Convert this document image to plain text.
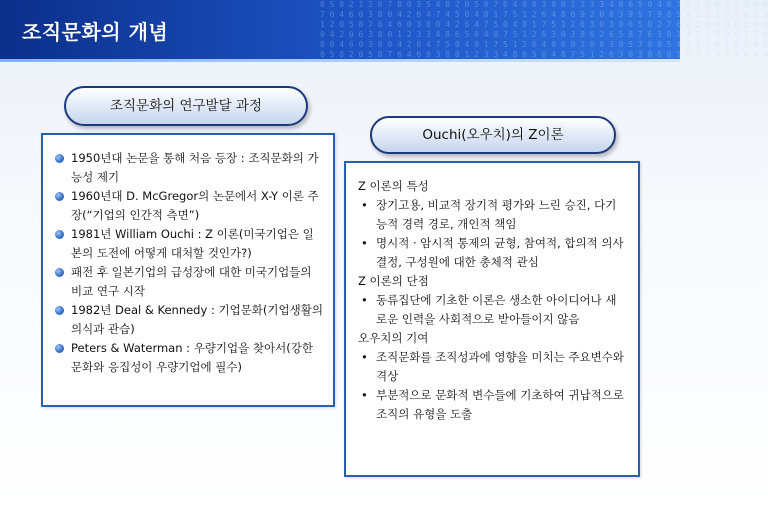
0 5 8 2 1 2 6 7 8 0 3 5 4 8 2 0 5 6 7 6 4 6 0 3 8 0 1 2 3 3 4 8 6 5 0 4 8 7 5 1 2 6 3 0 3 8 6
7 6 4 6 0 3 8 0 4 2 6 4 7 4 5 0 4 8 1 7 5 1 2 6 4 8 6 9 2 0 8 3 9 5 7 9 8 5 4 2 3 1 6 7 0 8 9
1 2 0 5 8 7 6 4 6 0 3 8 0 4 2 6 4 7 5 0 4 8 1 7 5 1 2 6 3 0 3 8 6 5 0 2 7 6 0 3 8 4 0 6 5 8 9
0 4 2 0 6 3 8 0 1 2 3 3 4 8 6 5 0 4 8 7 5 1 2 6 3 0 3 8 6 2 6 5 8 7 6 3 0 1 4 7 2 5 9 0 1 3 6
8 6 4 6 0 3 8 0 4 2 6 4 7 5 0 4 8 1 7 5 1 2 6 4 8 6 9 2 0 8 3 9 5 7 9 8 5 4 2 3 1 6 7 0 8 9 5
0 5 8 2 0 5 8 7 6 4 6 0 3 8 0 1 2 3 3 4 8 6 5 0 4 8 7 5 1 2 6 3 0 3 8 6 0 1 5 3 7 9 2 4 6 8 0
조직문화의 개념
조직문화의 연구발달 과정
1950년대 논문을 통해 처음 등장 : 조직문화의 가능성 제기
1960년대 D. McGregor의 논문에서 X-Y 이론 주장(“기업의 인간적 측면”)
1981년 William Ouchi : Z 이론(미국기업은 일본의 도전에 어떻게 대처할 것인가?)
패전 후 일본기업의 급성장에 대한 미국기업들의 비교 연구 시작
1982년 Deal & Kennedy : 기업문화(기업생활의 의식과 관습)
Peters & Waterman : 우량기업을 찾아서(강한문화와 응집성이 우량기업에 필수)
Ouchi(오우치)의 Z이론
Z 이론의 특성
• 장기고용, 비교적 장기적 평가와 느린 승진, 다기능적 경력 경로, 개인적 책임
• 명시적 · 암시적 통제의 균형, 참여적, 합의적 의사결정, 구성원에 대한 총체적 관심
Z 이론의 단점
• 동류집단에 기초한 이론은 생소한 아이디어나 새로운 인력을 사회적으로 받아들이지 않음
오우치의 기여
• 조직문화를 조직성과에 영향을 미치는 주요변수와 격상
• 부분적으로 문화적 변수들에 기초하여 귀납적으로 조직의 유형을 도출
